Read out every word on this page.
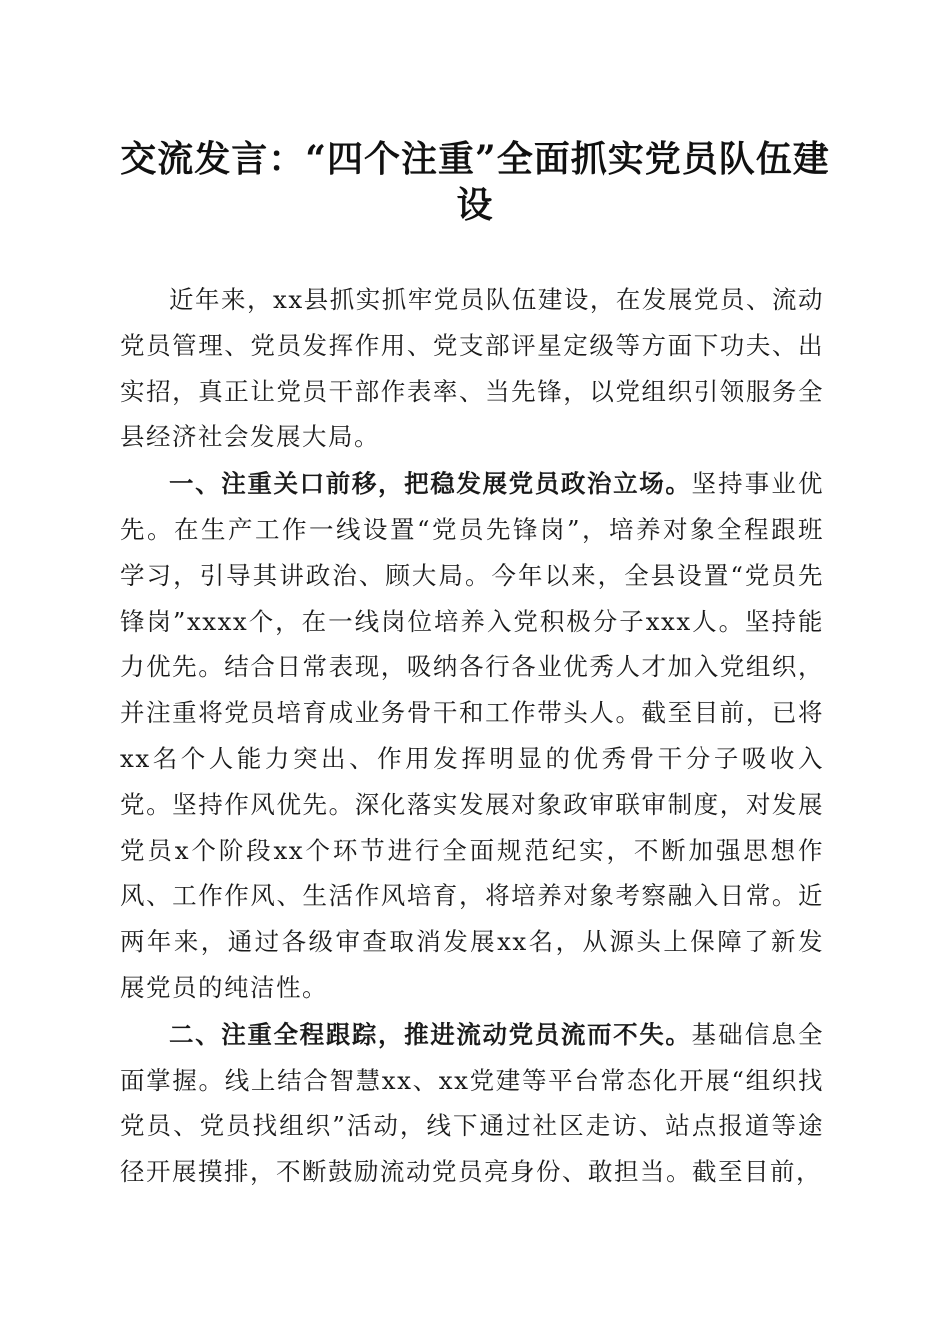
交流发言：“四个注重”全面抓实党员队伍建设

近年来，xx县抓实抓牢党员队伍建设，在发展党员、流动党员管理、党员发挥作用、党支部评星定级等方面下功夫、出实招，真正让党员干部作表率、当先锋，以党组织引领服务全县经济社会发展大局。

一、注重关口前移，把稳发展党员政治立场。坚持事业优先。在生产工作一线设置“党员先锋岗”，培养对象全程跟班学习，引导其讲政治、顾大局。今年以来，全县设置“党员先锋岗”xxxx个，在一线岗位培养入党积极分子xxx人。坚持能力优先。结合日常表现，吸纳各行各业优秀人才加入党组织，并注重将党员培育成业务骨干和工作带头人。截至目前，已将xx名个人能力突出、作用发挥明显的优秀骨干分子吸收入党。坚持作风优先。深化落实发展对象政审联审制度，对发展党员x个阶段xx个环节进行全面规范纪实，不断加强思想作风、工作作风、生活作风培育，将培养对象考察融入日常。近两年来，通过各级审查取消发展xx名，从源头上保障了新发展党员的纯洁性。

二、注重全程跟踪，推进流动党员流而不失。基础信息全面掌握。线上结合智慧xx、xx党建等平台常态化开展“组织找党员、党员找组织”活动，线下通过社区走访、站点报道等途径开展摸排，不断鼓励流动党员亮身份、敢担当。截至目前，
